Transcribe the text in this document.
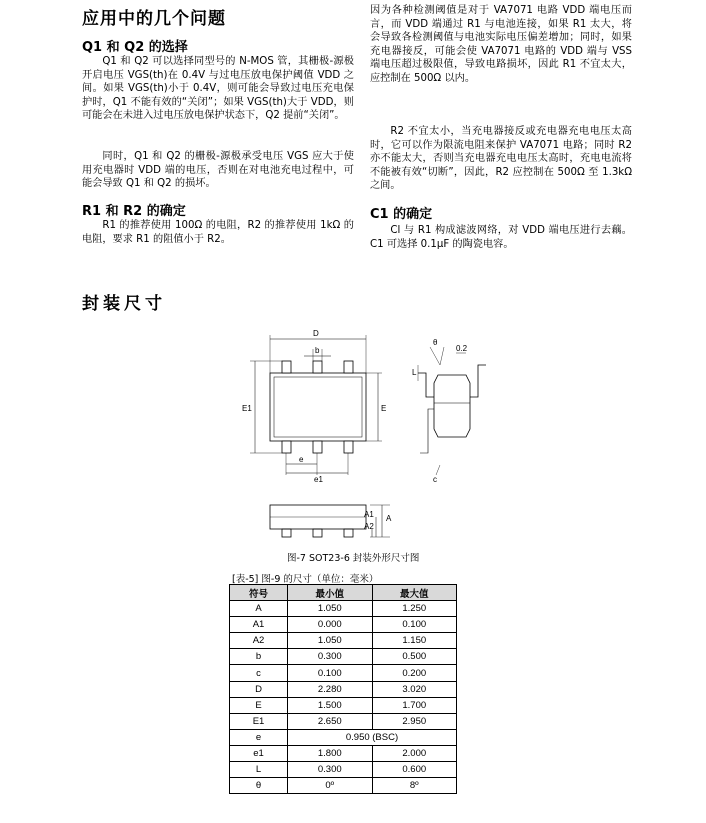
应用中的几个问题
Q1 和 Q2 的选择
Q1 和 Q2 可以选择同型号的 N-MOS 管，其栅极-源极开启电压 VGS(th)在 0.4V 与过电压放电保护阈值 VDD 之间。如果 VGS(th)小于 0.4V，则可能会导致过电压充电保护时，Q1 不能有效的“关闭”；如果 VGS(th)大于 VDD，则可能会在未进入过电压放电保护状态下，Q2 提前“关闭”。
同时，Q1 和 Q2 的栅极-源极承受电压 VGS 应大于使用充电器时 VDD 端的电压，否则在对电池充电过程中，可能会导致 Q1 和 Q2 的损坏。
R1 和 R2 的确定
R1 的推荐使用 100Ω 的电阻，R2 的推荐使用 1kΩ 的电阻，要求 R1 的阻值小于 R2。
因为各种检测阈值是对于 VA7071 电路 VDD 端电压而言，而 VDD 端通过 R1 与电池连接，如果 R1 太大，将会导致各检测阈值与电池实际电压偏差增加；同时，如果充电器接反，可能会使 VA7071 电路的 VDD 端与 VSS 端电压超过极限值，导致电路损坏，因此 R1 不宜太大，应控制在 500Ω 以内。
R2 不宜太小，当充电器接反或充电器充电电压太高时，它可以作为限流电阻来保护 VA7071 电路；同时 R2 亦不能太大，否则当充电器充电电压太高时，充电电流将不能被有效“切断”，因此，R2 应控制在 500Ω 至 1.3kΩ 之间。
C1 的确定
Cl 与 R1 构成滤波网络，对 VDD 端电压进行去藕。C1 可选择 0.1μF 的陶瓷电容。
封装尺寸
D
b
E1	E
e
e1
θ
0.2
L
c
A1
A2
A
图-7 SOT23-6 封装外形尺寸图
[表-5] 图-9 的尺寸（单位：毫米）
符号	最小值	最大值
A	1.050	1.250
A1	0.000	0.100
A2	1.050	1.150
b	0.300	0.500
c	0.100	0.200
D	2.280	3.020
E	1.500	1.700
E1	2.650	2.950
e	0.950 (BSC)	
e1	1.800	2.000
L	0.300	0.600
θ	0º	8º
